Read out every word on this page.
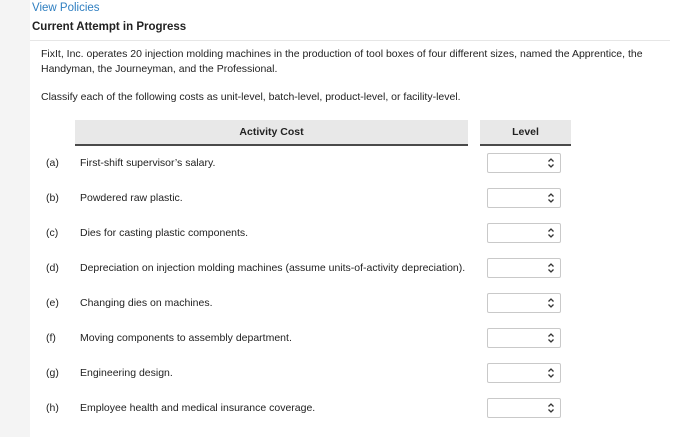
View Policies
Current Attempt in Progress
FixIt, Inc. operates 20 injection molding machines in the production of tool boxes of four different sizes, named the Apprentice, the Handyman, the Journeyman, and the Professional.
Classify each of the following costs as unit-level, batch-level, product-level, or facility-level.
Activity Cost	Level
(a) First-shift supervisor’s salary.
(b) Powdered raw plastic.
(c) Dies for casting plastic components.
(d) Depreciation on injection molding machines (assume units-of-activity depreciation).
(e) Changing dies on machines.
(f) Moving components to assembly department.
(g) Engineering design.
(h) Employee health and medical insurance coverage.
